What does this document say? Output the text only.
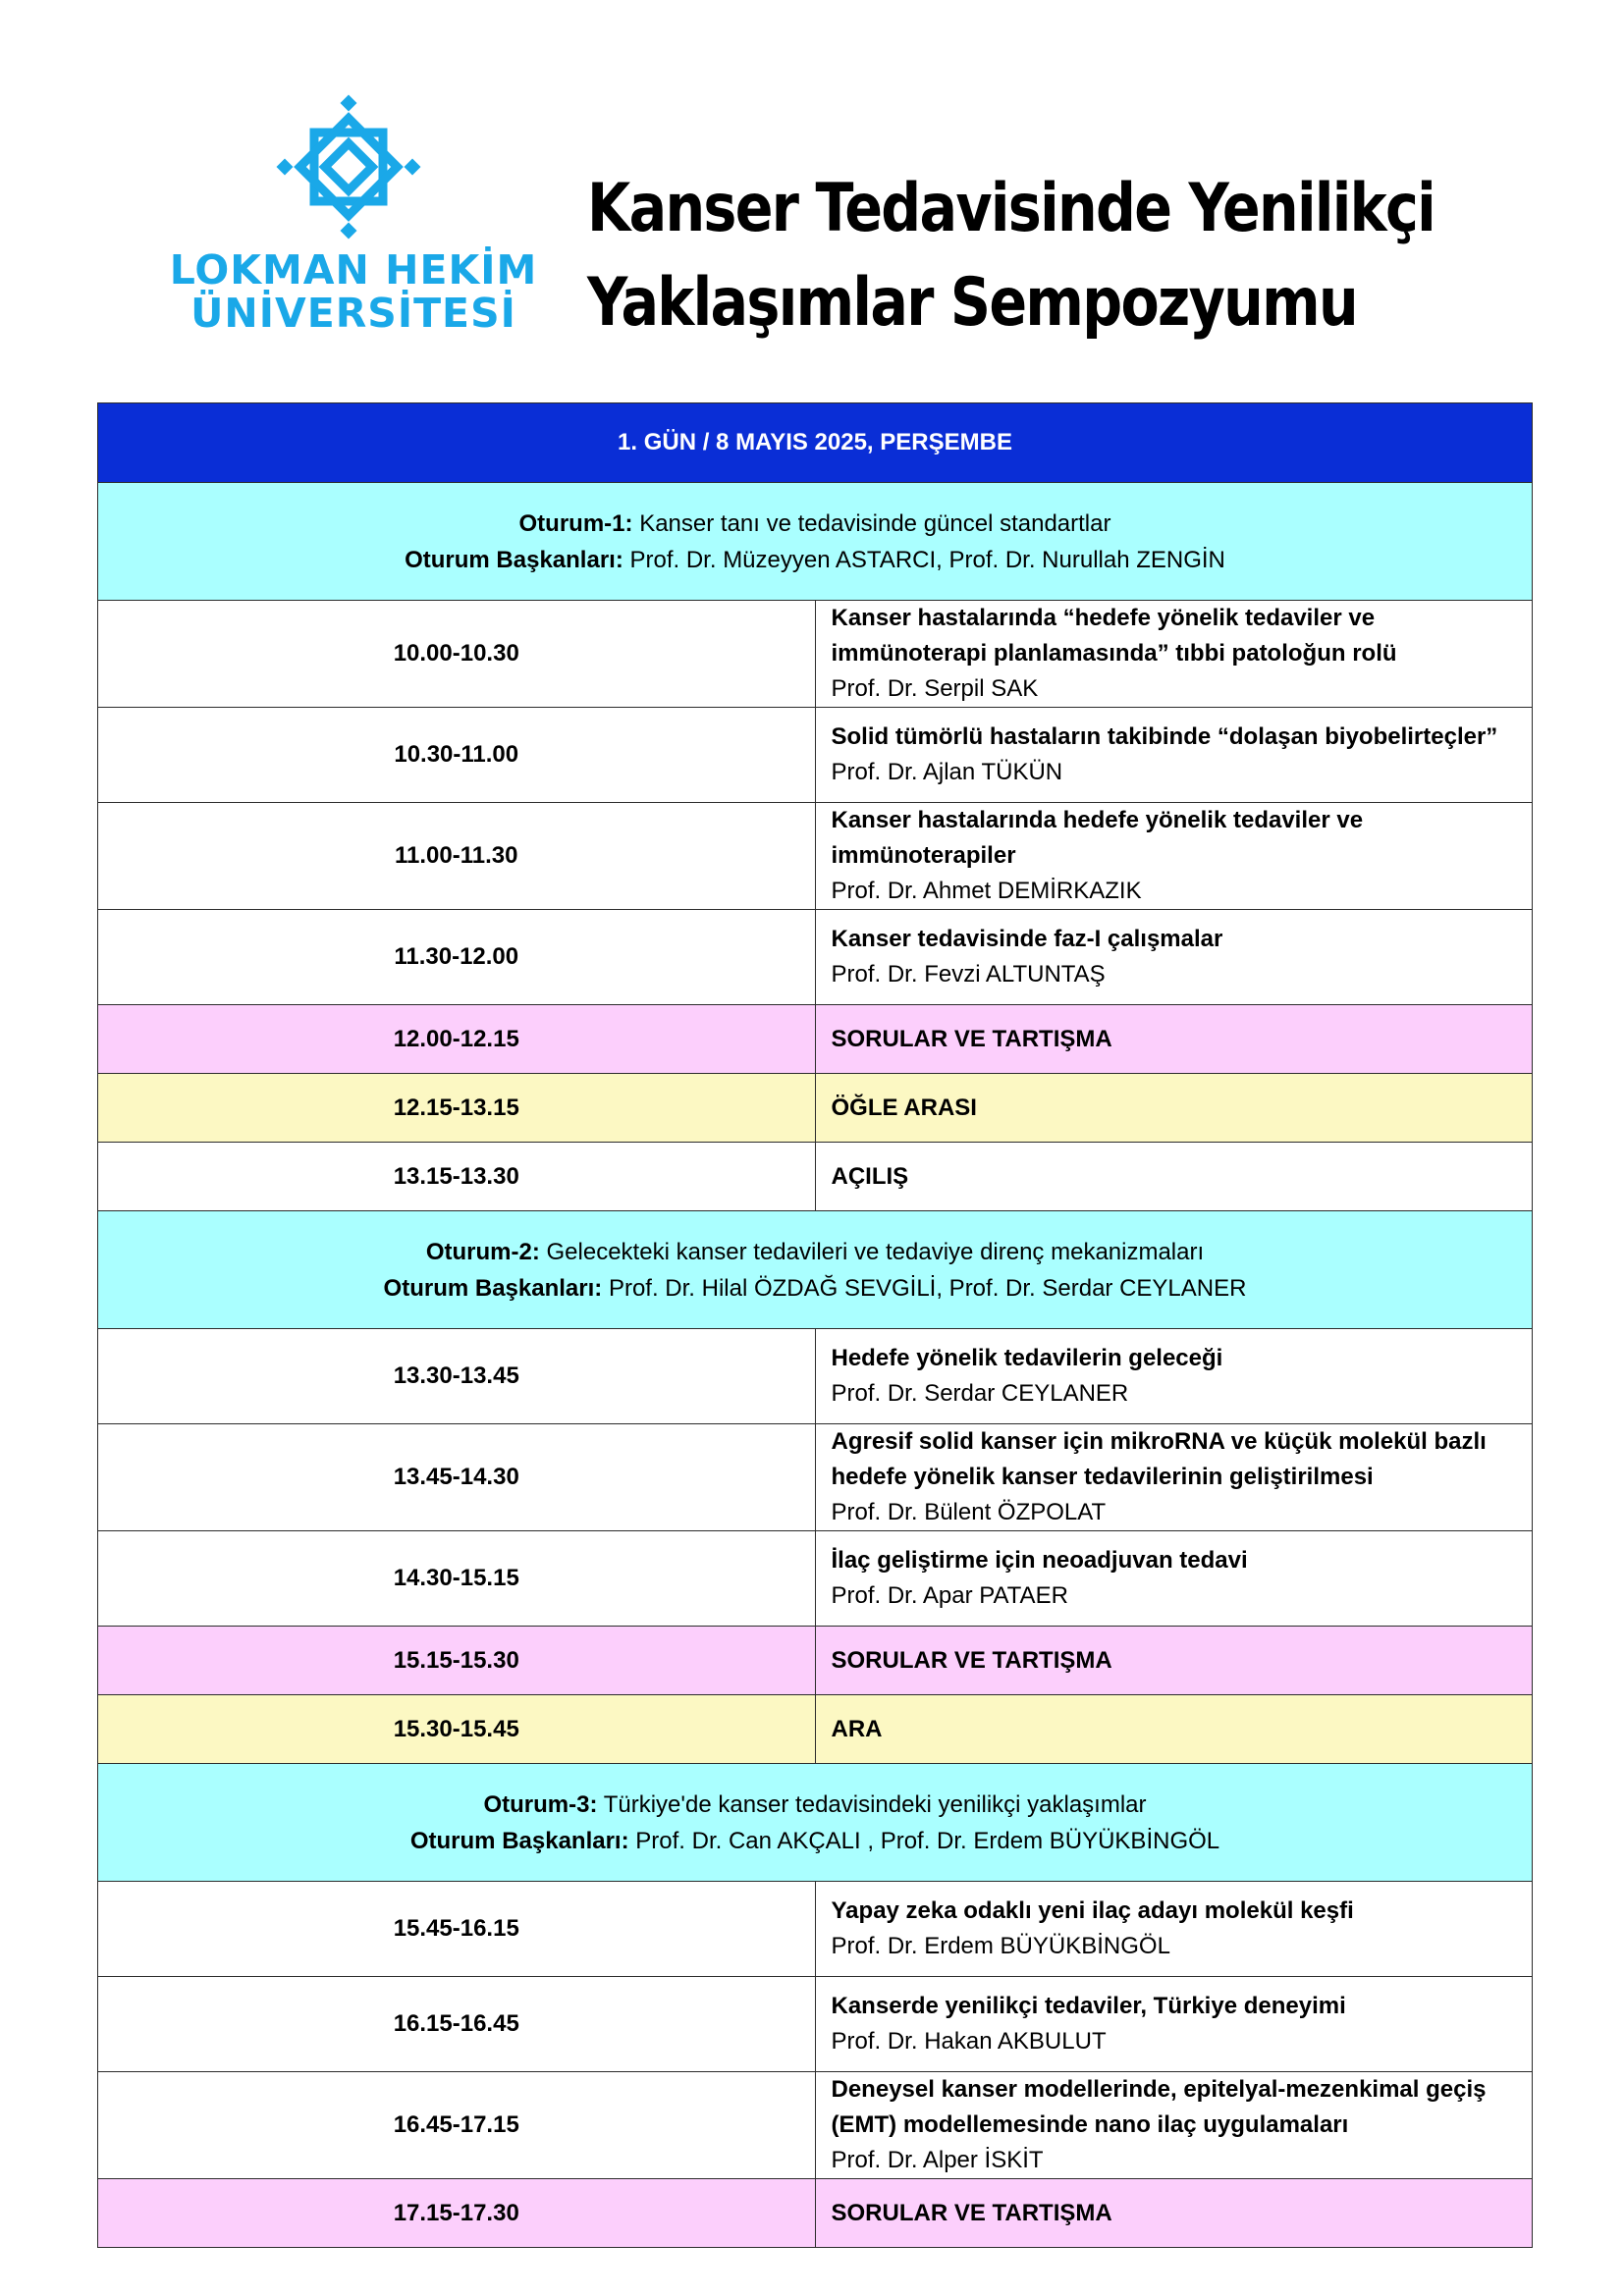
LOKMAN HEKİM
ÜNİVERSİTESİ
Kanser Tedavisinde Yenilikçi
Yaklaşımlar Sempozyumu
1. GÜN / 8 MAYIS 2025, PERŞEMBE	

Oturum-1: Kanser tanı ve tedavisinde güncel standartlar
Oturum Başkanları: Prof. Dr. Müzeyyen ASTARCI, Prof. Dr. Nurullah ZENGİN	

10.00-10.30	Kanser hastalarında “hedefe yönelik tedaviler ve immünoterapi planlamasında” tıbbi patoloğun rolü
Prof. Dr. Serpil SAK

10.30-11.00	Solid tümörlü hastaların takibinde “dolaşan biyobelirteçler”
Prof. Dr. Ajlan TÜKÜN

11.00-11.30	Kanser hastalarında hedefe yönelik tedaviler ve immünoterapiler
Prof. Dr. Ahmet DEMİRKAZIK

11.30-12.00	Kanser tedavisinde faz-I çalışmalar
Prof. Dr. Fevzi ALTUNTAŞ

12.00-12.15	SORULAR VE TARTIŞMA
12.15-13.15	ÖĞLE ARASI
13.15-13.30	AÇILIŞ

Oturum-2: Gelecekteki kanser tedavileri ve tedaviye direnç mekanizmaları
Oturum Başkanları: Prof. Dr. Hilal ÖZDAĞ SEVGİLİ, Prof. Dr. Serdar CEYLANER	

13.30-13.45	Hedefe yönelik tedavilerin geleceği
Prof. Dr. Serdar CEYLANER

13.45-14.30	Agresif solid kanser için mikroRNA ve küçük molekül bazlı hedefe yönelik kanser tedavilerinin geliştirilmesi
Prof. Dr. Bülent ÖZPOLAT

14.30-15.15	İlaç geliştirme için neoadjuvan tedavi
Prof. Dr. Apar PATAER

15.15-15.30	SORULAR VE TARTIŞMA
15.30-15.45	ARA

Oturum-3: Türkiye'de kanser tedavisindeki yenilikçi yaklaşımlar
Oturum Başkanları: Prof. Dr. Can AKÇALI , Prof. Dr. Erdem BÜYÜKBİNGÖL	

15.45-16.15	Yapay zeka odaklı yeni ilaç adayı molekül keşfi
Prof. Dr. Erdem BÜYÜKBİNGÖL

16.15-16.45	Kanserde yenilikçi tedaviler, Türkiye deneyimi
Prof. Dr. Hakan AKBULUT

16.45-17.15	Deneysel kanser modellerinde, epitelyal-mezenkimal geçiş (EMT) modellemesinde nano ilaç uygulamaları
Prof. Dr. Alper İSKİT

17.15-17.30	SORULAR VE TARTIŞMA
